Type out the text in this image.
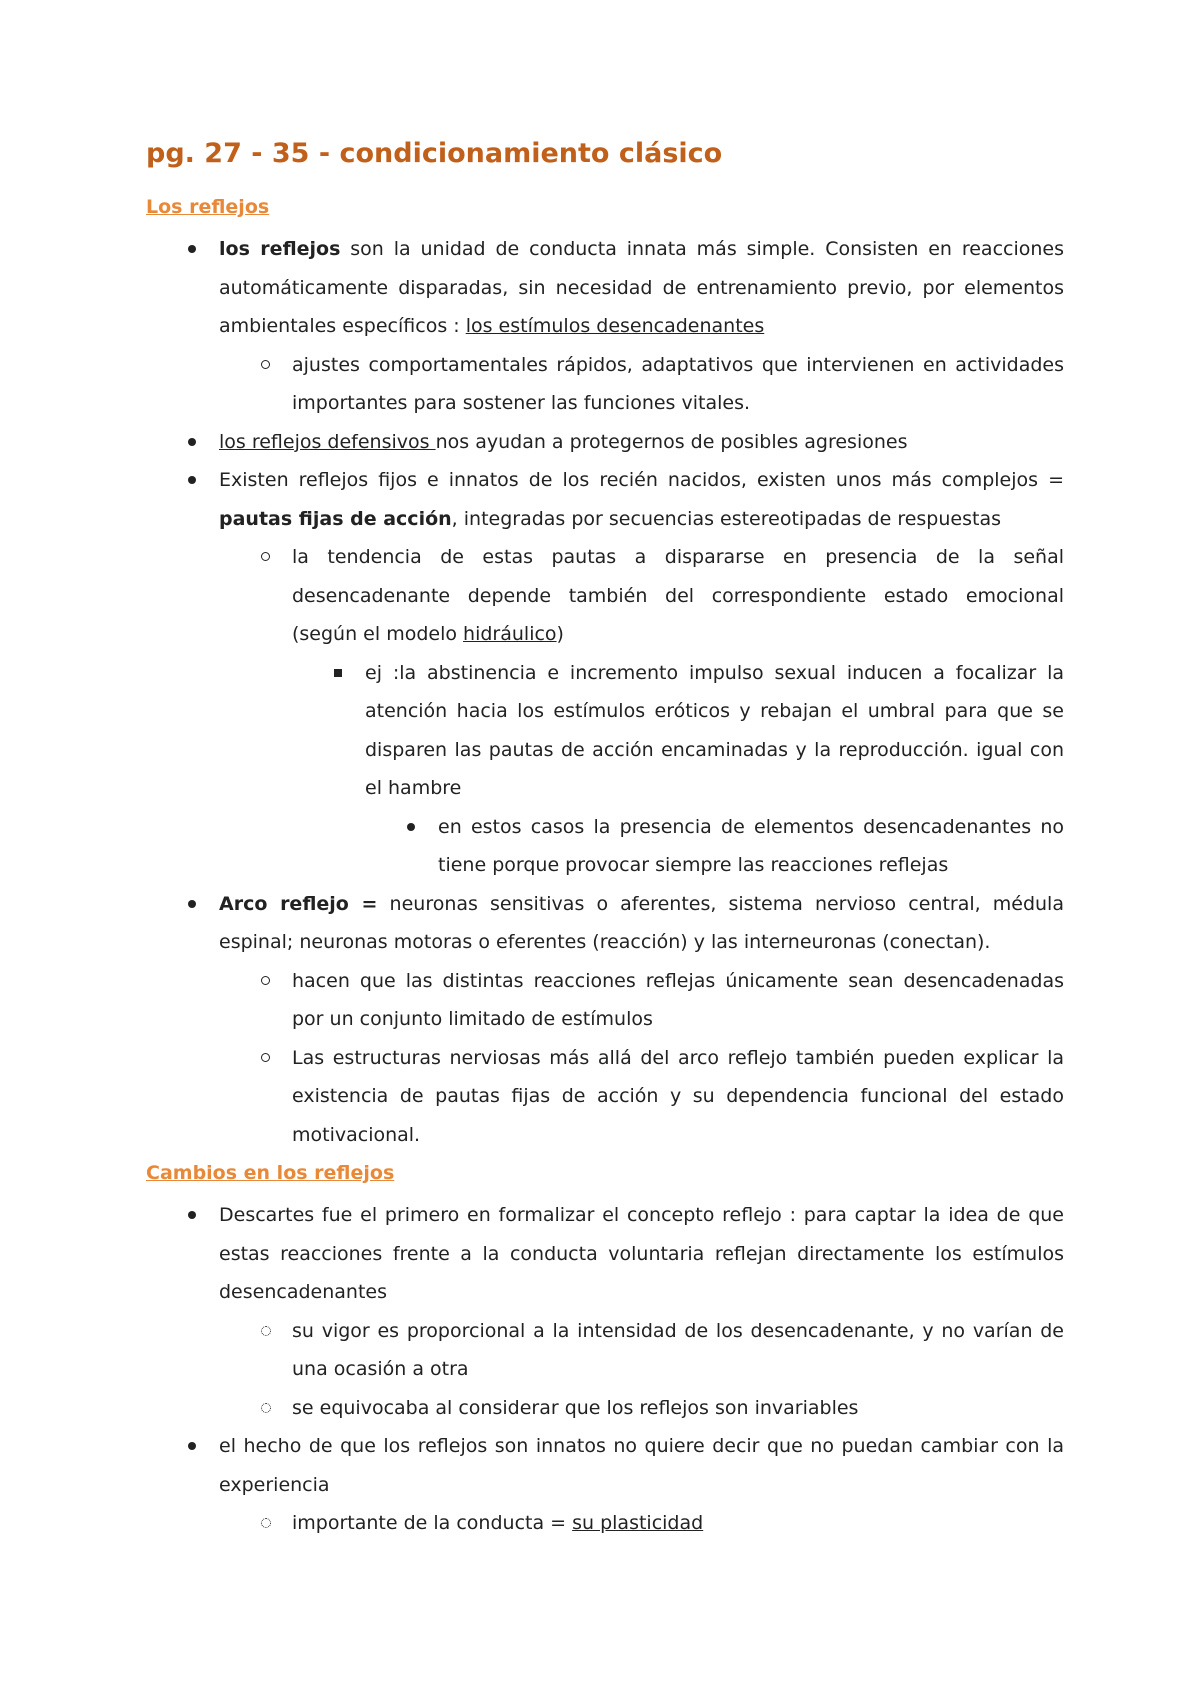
pg. 27 - 35 - condicionamiento clásico
Los reflejos
los reflejos son la unidad de conducta innata más simple. Consisten en reacciones automáticamente disparadas, sin necesidad de entrenamiento previo, por elementos ambientales específicos : los estímulos desencadenantes
ajustes comportamentales rápidos, adaptativos que intervienen en actividades importantes para sostener las funciones vitales.
los reflejos defensivos nos ayudan a protegernos de posibles agresiones
Existen reflejos fijos e innatos de los recién nacidos, existen unos más complejos = pautas fijas de acción, integradas por secuencias estereotipadas de respuestas
la tendencia de estas pautas a dispararse en presencia de la señal desencadenante depende también del correspondiente estado emocional (según el modelo hidráulico)
ej :la abstinencia e incremento impulso sexual inducen a focalizar la atención hacia los estímulos eróticos y rebajan el umbral para que se disparen las pautas de acción encaminadas y la reproducción. igual con el hambre
en estos casos la presencia de elementos desencadenantes no tiene porque provocar siempre las reacciones reflejas
Arco reflejo = neuronas sensitivas o aferentes, sistema nervioso central, médula espinal; neuronas motoras o eferentes (reacción) y las interneuronas (conectan).
hacen que las distintas reacciones reflejas únicamente sean desencadenadas por un conjunto limitado de estímulos
Las estructuras nerviosas más allá del arco reflejo también pueden explicar la existencia de pautas fijas de acción y su dependencia funcional del estado motivacional.
Cambios en los reflejos
Descartes fue el primero en formalizar el concepto reflejo : para captar la idea de que estas reacciones frente a la conducta voluntaria reflejan directamente los estímulos desencadenantes
su vigor es proporcional a la intensidad de los desencadenante, y no varían de una ocasión a otra
se equivocaba al considerar que los reflejos son invariables
el hecho de que los reflejos son innatos no quiere decir que no puedan cambiar con la experiencia
importante de la conducta = su plasticidad
